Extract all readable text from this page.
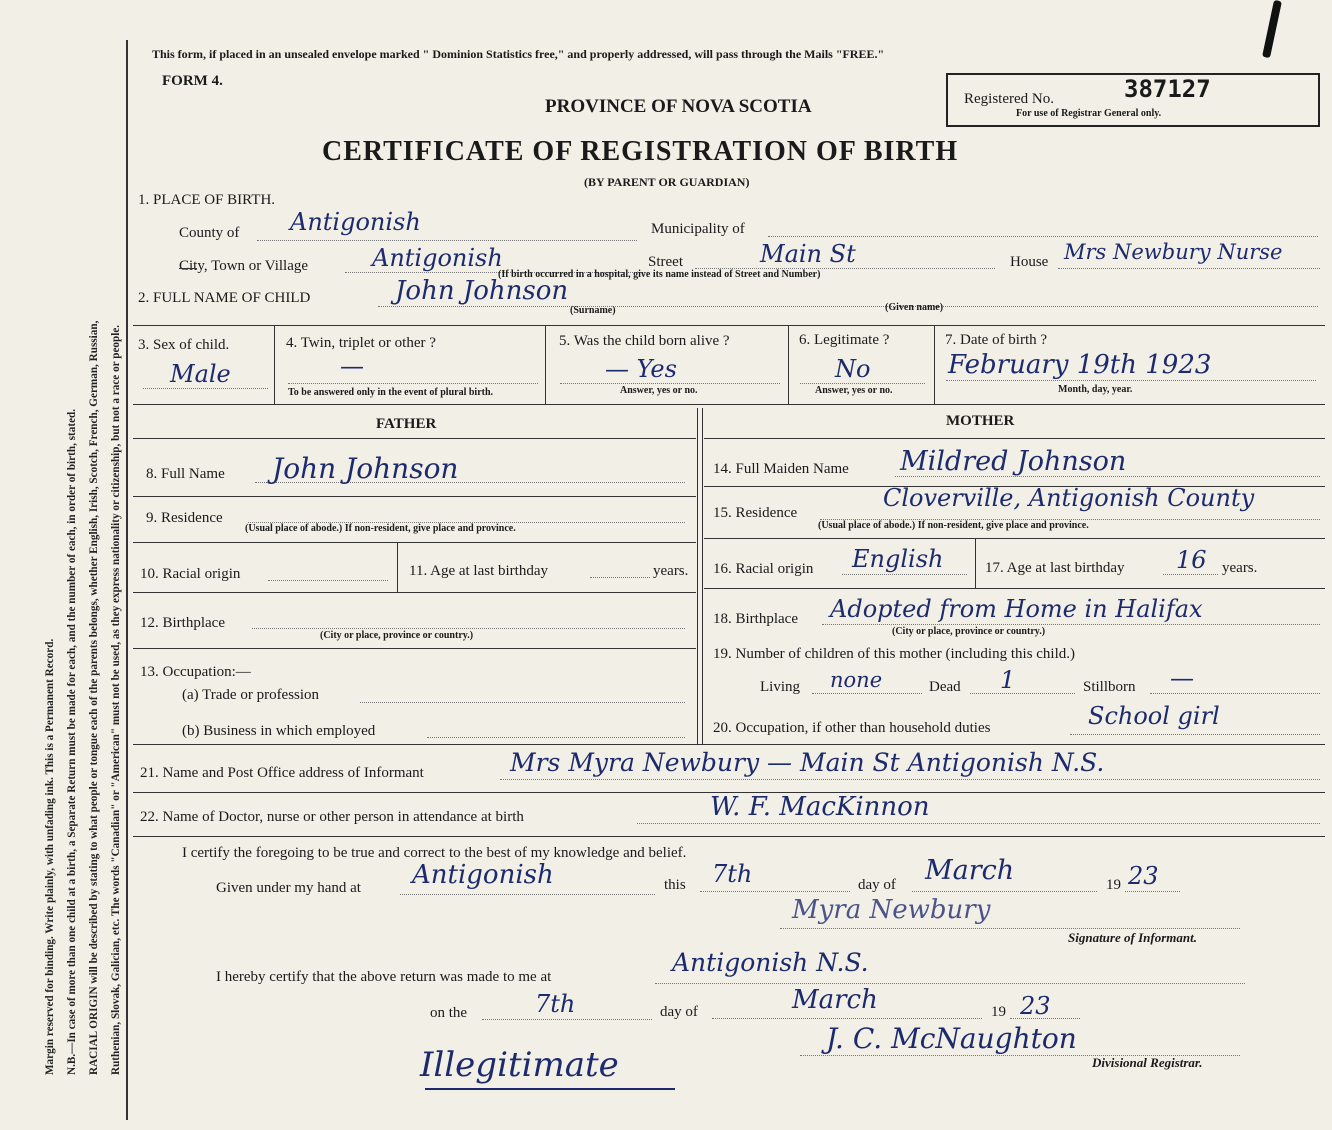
Margin reserved for binding. Write plainly, with unfading ink. This is a Permanent Record. N.B.—In case of more than one child at a birth, a Separate Return must be made for each, and the number of each, in order of birth, stated. RACIAL ORIGIN will be described by stating to what people or tongue each of the parents belongs, whether English, Irish, Scotch, French, German, Russian, Ruthenian, Slovak, Galician, etc. The words "Canadian" or "American" must not be used, as they express nationality or citizenship, but not a race or people.
This form, if placed in an unsealed envelope marked " Dominion Statistics free," and properly addressed, will pass through the Mails "FREE."
FORM 4.
PROVINCE OF NOVA SCOTIA
CERTIFICATE OF REGISTRATION OF BIRTH
(BY PARENT OR GUARDIAN)
Registered No.	387127
For use of Registrar General only.
1. PLACE OF BIRTH.
County of Antigonish	Municipality of
City, Town or Village	Antigonish	Street	Main St	House Mrs Newbury Nurse
(If birth occurred in a hospital, give its name instead of Street and Number)
2. FULL NAME OF CHILD	John Johnson
(Surname)	(Given name)
3. Sex of child.
Male
4. Twin, triplet or other ?
—
To be answered only in the event of plural birth.
5. Was the child born alive ?
— Yes
Answer, yes or no.
6. Legitimate ?
No
Answer, yes or no.
7. Date of birth ?
February 19th 1923
Month, day, year.
FATHER	MOTHER
8. Full Name John Johnson
9. Residence
(Usual place of abode.) If non-resident, give place and province.
10. Racial origin	11. Age at last birthday	years.
12. Birthplace
(City or place, province or country.)
13. Occupation:—
(a) Trade or profession
(b) Business in which employed
14. Full Maiden Name Mildred Johnson
15. Residence
Cloverville, Antigonish County
(Usual place of abode.) If non-resident, give place and province.
16. Racial origin English	17. Age at last birthday 16 years.
18. Birthplace Adopted from Home in Halifax
(City or place, province or country.)
19. Number of children of this mother (including this child.)
Living none	Dead 1	Stillborn —
20. Occupation, if other than household duties	School girl
21. Name and Post Office address of Informant	Mrs Myra Newbury — Main St Antigonish N.S.
22. Name of Doctor, nurse or other person in attendance at birth	W. F. MacKinnon
I certify the foregoing to be true and correct to the best of my knowledge and belief.
Given under my hand at Antigonish	this 7th	day of March	19 23
Myra Newbury
Signature of Informant.
I hereby certify that the above return was made to me at	Antigonish N.S.
on the	7th	day of	March	19 23
J. C. McNaughton
Divisional Registrar.
Illegitimate
